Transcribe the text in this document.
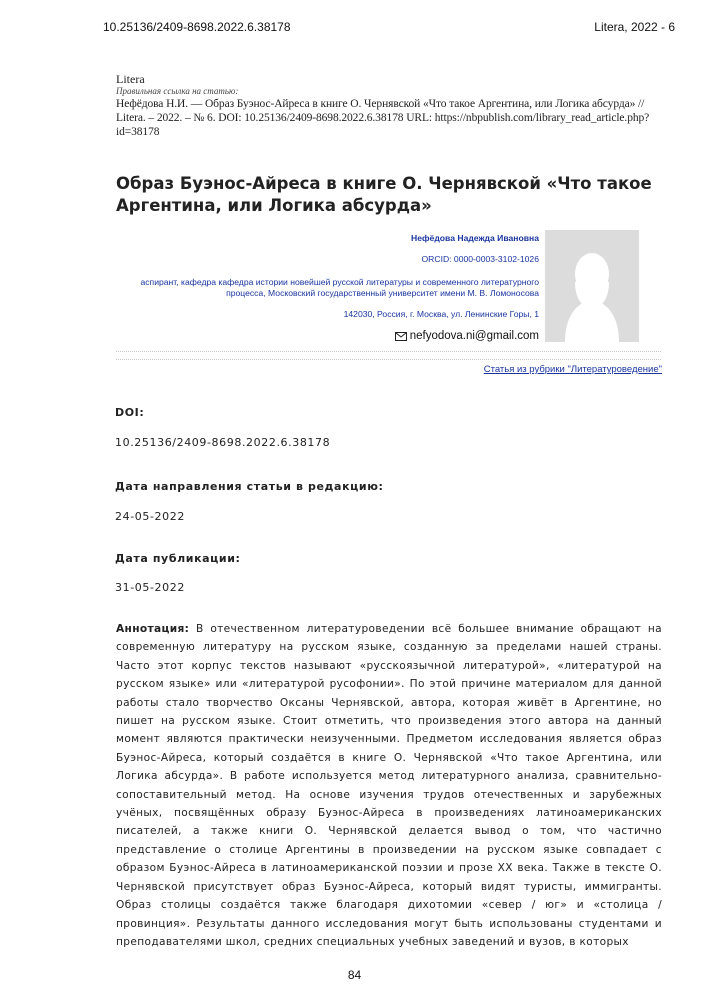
10.25136/2409-8698.2022.6.38178	Litera, 2022 - 6
Litera
Правильная ссылка на статью:
Нефёдова Н.И. — Образ Буэнос-Айреса в книге О. Чернявской «Что такое Аргентина, или Логика абсурда» // Litera. – 2022. – № 6. DOI: 10.25136/2409-8698.2022.6.38178 URL: https://nbpublish.com/library_read_article.php?id=38178
Образ Буэнос-Айреса в книге О. Чернявской «Что такое Аргентина, или Логика абсурда»
Нефёдова Надежда Ивановна
ORCID: 0000-0003-3102-1026
аспирант, кафедра кафедра истории новейшей русской литературы и современного литературного процесса, Московский государственный университет имени М. В. Ломоносова
142030, Россия, г. Москва, ул. Ленинские Горы, 1
nefyodova.ni@gmail.com
Статья из рубрики "Литературоведение"
DOI:
10.25136/2409-8698.2022.6.38178
Дата направления статьи в редакцию:
24-05-2022
Дата публикации:
31-05-2022

Аннотация: В отечественном литературоведении всё большее внимание обращают на современную литературу на русском языке, созданную за пределами нашей страны. Часто этот корпус текстов называют «русскоязычной литературой», «литературой на русском языке» или «литературой русофонии». По этой причине материалом для данной работы стало творчество Оксаны Чернявской, автора, которая живёт в Аргентине, но пишет на русском языке. Стоит отметить, что произведения этого автора на данный момент являются практически неизученными. Предметом исследования является образ Буэнос-Айреса, который создаётся в книге О. Чернявской «Что такое Аргентина, или Логика абсурда». В работе используется метод литературного анализа, сравнительно-сопоставительный метод. На основе изучения трудов отечественных и зарубежных учёных, посвящённых образу Буэнос-Айреса в произведениях латиноамериканских писателей, а также книги О. Чернявской делается вывод о том, что частично представление о столице Аргентины в произведении на русском языке совпадает с образом Буэнос-Айреса в латиноамериканской поэзии и прозе XX века. Также в тексте О. Чернявской присутствует образ Буэнос-Айреса, который видят туристы, иммигранты. Образ столицы создаётся также благодаря дихотомии «север / юг» и «столица / провинция». Результаты данного исследования могут быть использованы студентами и преподавателями школ, средних специальных учебных заведений и вузов, в которых

84
